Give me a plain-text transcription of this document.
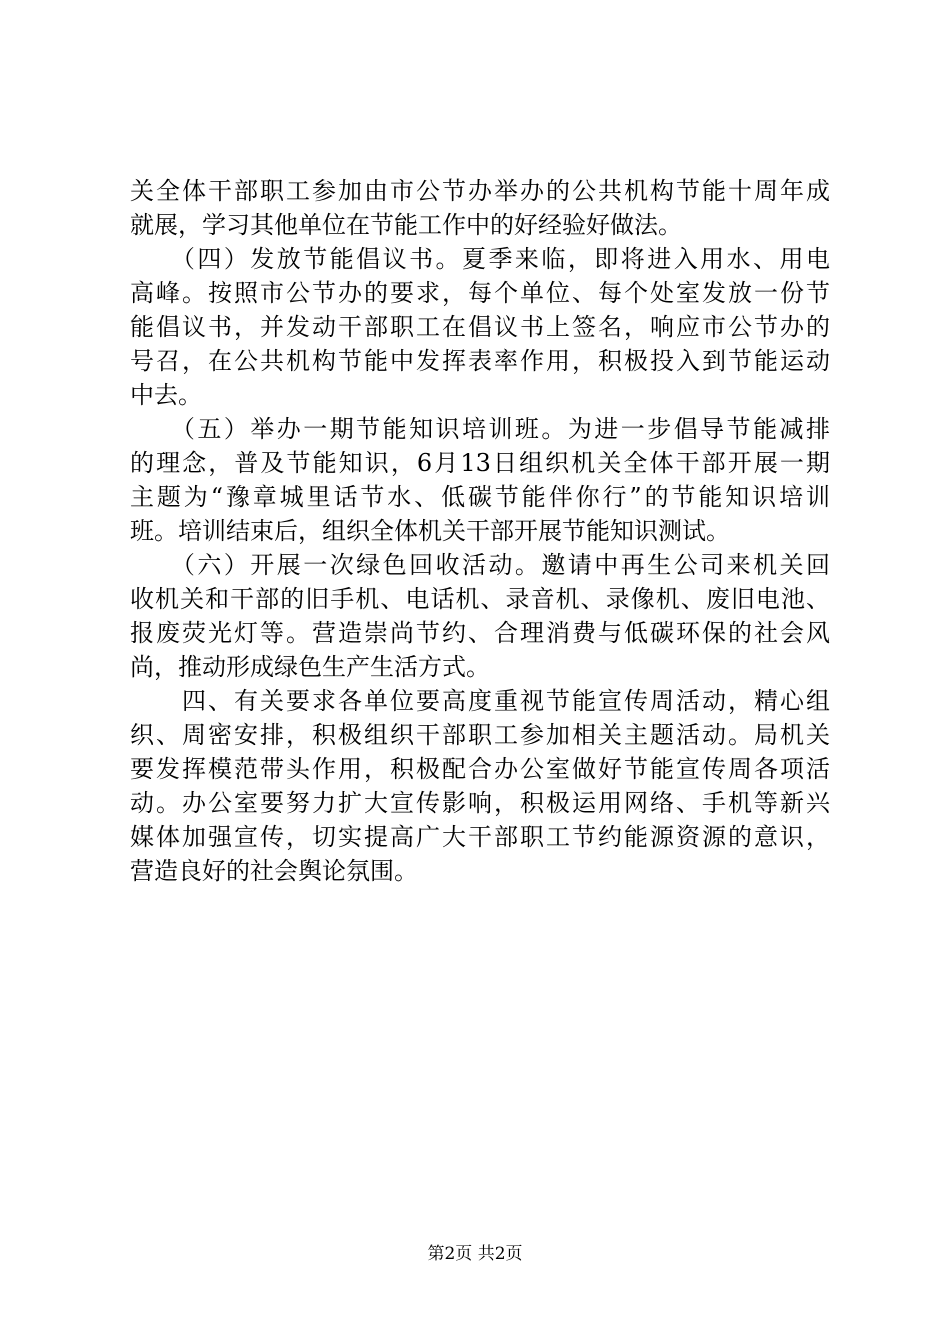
关全体干部职工参加由市公节办举办的公共机构节能十周年成
就展，学习其他单位在节能工作中的好经验好做法。
　　（四）发放节能倡议书。夏季来临，即将进入用水、用电
高峰。按照市公节办的要求，每个单位、每个处室发放一份节
能倡议书，并发动干部职工在倡议书上签名，响应市公节办的
号召，在公共机构节能中发挥表率作用，积极投入到节能运动
中去。
　　（五）举办一期节能知识培训班。为进一步倡导节能减排
的理念，普及节能知识，6月13日组织机关全体干部开展一期
主题为“豫章城里话节水、低碳节能伴你行”的节能知识培训
班。培训结束后，组织全体机关干部开展节能知识测试。
　　（六）开展一次绿色回收活动。邀请中再生公司来机关回
收机关和干部的旧手机、电话机、录音机、录像机、废旧电池、
报废荧光灯等。营造崇尚节约、合理消费与低碳环保的社会风
尚，推动形成绿色生产生活方式。
　　四、有关要求各单位要高度重视节能宣传周活动，精心组
织、周密安排，积极组织干部职工参加相关主题活动。局机关
要发挥模范带头作用，积极配合办公室做好节能宣传周各项活
动。办公室要努力扩大宣传影响，积极运用网络、手机等新兴
媒体加强宣传，切实提高广大干部职工节约能源资源的意识，
营造良好的社会舆论氛围。
第2页 共2页
